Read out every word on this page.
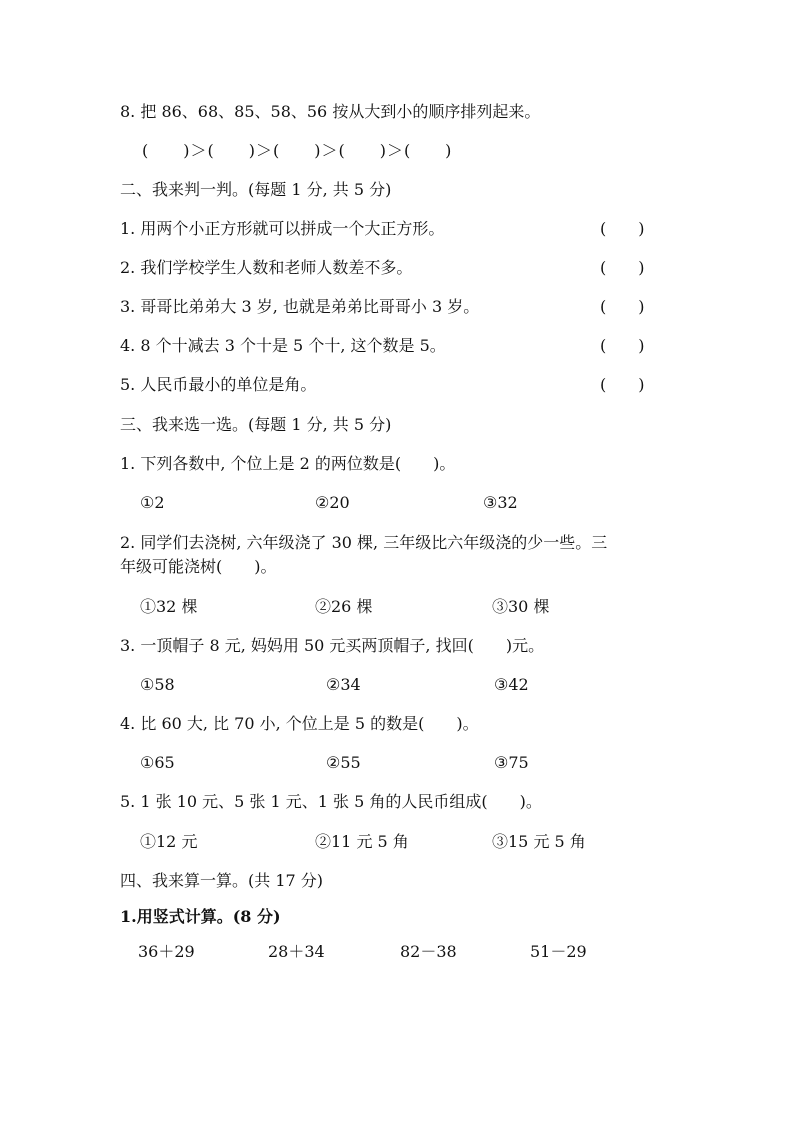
8. 把 86、68、85、58、56 按从大到小的顺序排列起来。
(　　)＞(　　)＞(　　)＞(　　)＞(　　)
二、我来判一判。(每题 1 分, 共 5 分)
1. 用两个小正方形就可以拼成一个大正方形。	(　　)
2. 我们学校学生人数和老师人数差不多。	(　　)
3. 哥哥比弟弟大 3 岁, 也就是弟弟比哥哥小 3 岁。	(　　)
4. 8 个十减去 3 个十是 5 个十, 这个数是 5。	(　　)
5. 人民币最小的单位是角。	(　　)
三、我来选一选。(每题 1 分, 共 5 分)
1. 下列各数中, 个位上是 2 的两位数是(　　)。
①2	②20	③32
2. 同学们去浇树, 六年级浇了 30 棵, 三年级比六年级浇的少一些。三
年级可能浇树(　　)。
①32 棵	②26 棵	③30 棵
3. 一顶帽子 8 元, 妈妈用 50 元买两顶帽子, 找回(　　)元。
①58	②34	③42
4. 比 60 大, 比 70 小, 个位上是 5 的数是(　　)。
①65	②55	③75
5. 1 张 10 元、5 张 1 元、1 张 5 角的人民币组成(　　)。
①12 元	②11 元 5 角	③15 元 5 角
四、我来算一算。(共 17 分)
1.用竖式计算。(8 分)
36＋29	28＋34	82－38	51－29
